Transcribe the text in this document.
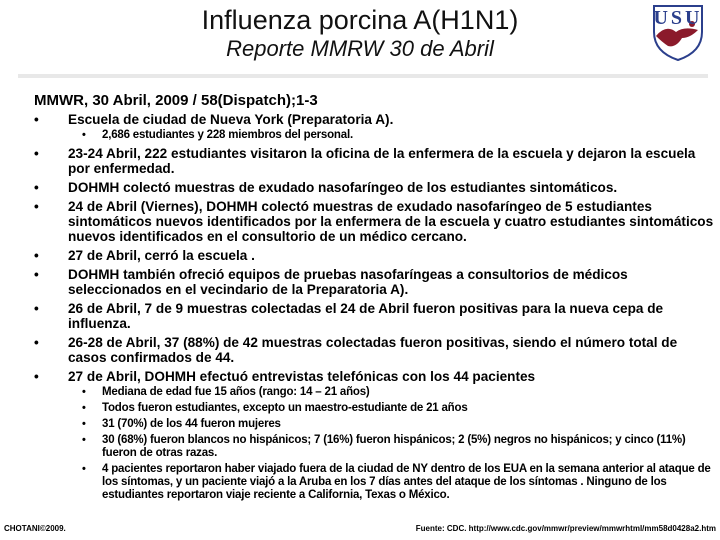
Influenza porcina A(H1N1)
Reporte MMRW 30 de Abril
USU
MMWR, 30 Abril, 2009 / 58(Dispatch);1-3
• Escuela de ciudad de Nueva York (Preparatoria A).
• 2,686 estudiantes y 228 miembros del personal.
• 23-24 Abril, 222 estudiantes visitaron la oficina de la enfermera de la escuela y dejaron la escuela por enfermedad.
• DOHMH colectó muestras de exudado nasofaríngeo de los estudiantes sintomáticos.
• 24 de Abril (Viernes), DOHMH colectó muestras de exudado nasofaríngeo de 5 estudiantes sintomáticos nuevos identificados por la enfermera de la escuela y cuatro estudiantes sintomáticos nuevos identificados en el consultorio de un médico cercano.
• 27 de Abril, cerró la escuela .
• DOHMH también ofreció equipos de pruebas nasofaríngeas a consultorios de médicos seleccionados en el vecindario de la Preparatoria A).
• 26 de Abril, 7 de 9 muestras colectadas el 24 de Abril fueron positivas para la nueva cepa de influenza.
• 26-28 de Abril, 37 (88%) de 42 muestras colectadas fueron positivas, siendo el número total de casos confirmados de 44.
• 27 de Abril, DOHMH efectuó entrevistas telefónicas con los 44 pacientes
• Mediana de edad fue 15 años (rango: 14 – 21 años)
• Todos fueron estudiantes, excepto un maestro-estudiante de 21 años
• 31 (70%) de los 44 fueron mujeres
• 30 (68%) fueron blancos no hispánicos; 7 (16%) fueron hispánicos; 2 (5%) negros no hispánicos; y cinco (11%) fueron de otras razas.
• 4 pacientes reportaron haber viajado fuera de la ciudad de NY dentro de los EUA en la semana anterior al ataque de los síntomas, y un paciente viajó a la Aruba en los 7 días antes del ataque de los síntomas . Ninguno de los estudiantes reportaron viaje reciente a California, Texas o México.
CHOTANI©2009.	Fuente: CDC. http://www.cdc.gov/mmwr/preview/mmwrhtml/mm58d0428a2.htm
